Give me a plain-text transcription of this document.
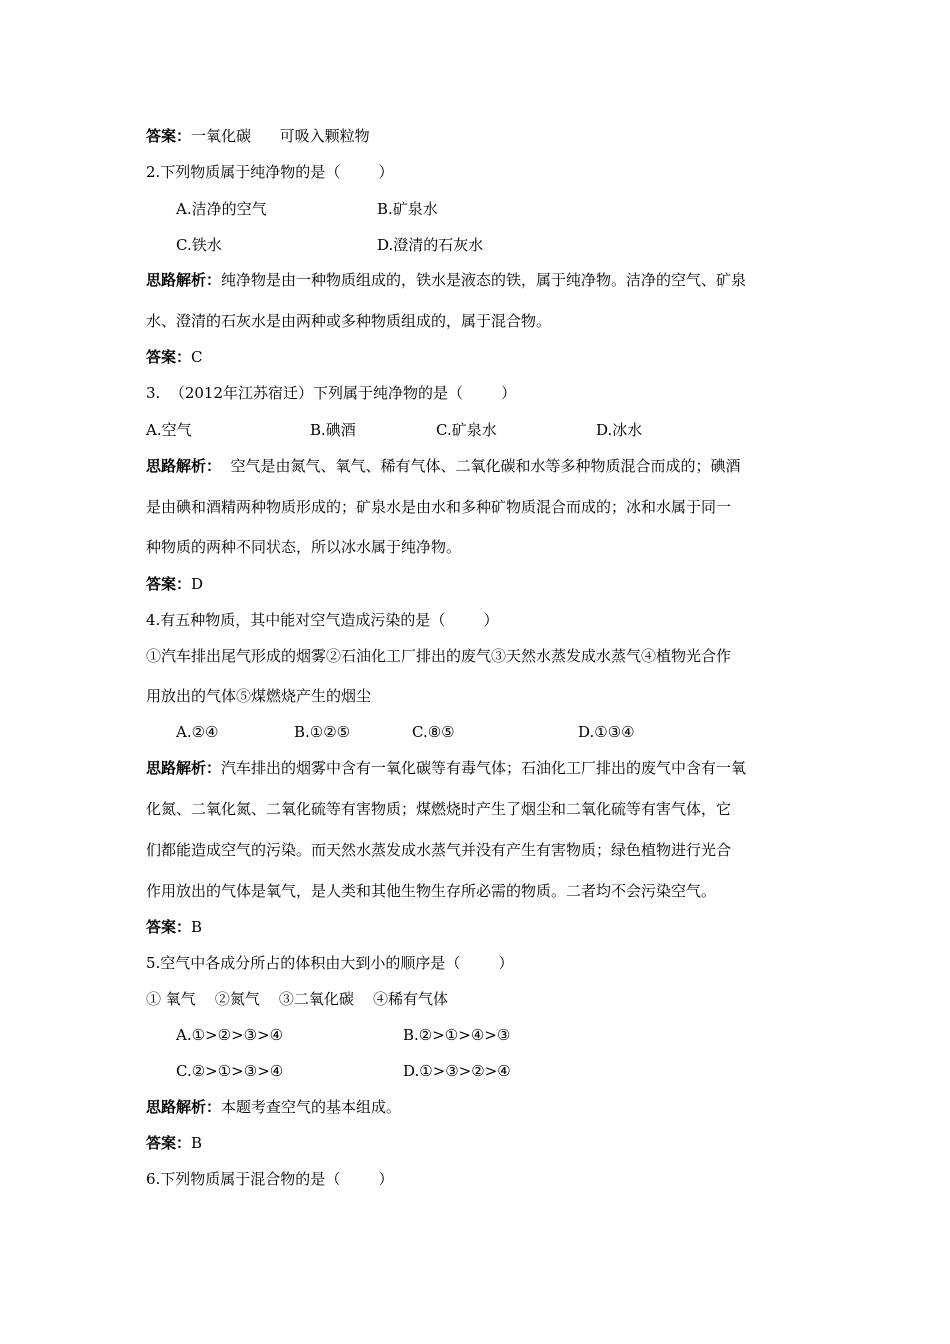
答案：一氧化碳      可吸入颗粒物
2.下列物质属于纯净物的是（        ）
A.洁净的空气	B.矿泉水
C.铁水	D.澄清的石灰水
思路解析：纯净物是由一种物质组成的，铁水是液态的铁，属于纯净物。洁净的空气、矿泉
水、澄清的石灰水是由两种或多种物质组成的，属于混合物。
答案：C
3.  （2012年江苏宿迁）下列属于纯净物的是（        ）
A.空气	B.碘酒	C.矿泉水	D.冰水
思路解析：  空气是由氮气、氧气、稀有气体、二氧化碳和水等多种物质混合而成的；碘酒
是由碘和酒精两种物质形成的；矿泉水是由水和多种矿物质混合而成的；冰和水属于同一
种物质的两种不同状态，所以冰水属于纯净物。
答案：D
4.有五种物质，其中能对空气造成污染的是（        ）
①汽车排出尾气形成的烟雾②石油化工厂排出的废气③天然水蒸发成水蒸气④植物光合作
用放出的气体⑤煤燃烧产生的烟尘
A.②④	B.①②⑤	C.⑧⑤	D.①③④
思路解析：汽车排出的烟雾中含有一氧化碳等有毒气体；石油化工厂排出的废气中含有一氧
化氮、二氧化氮、二氧化硫等有害物质；煤燃烧时产生了烟尘和二氧化硫等有害气体，它
们都能造成空气的污染。而天然水蒸发成水蒸气并没有产生有害物质；绿色植物进行光合
作用放出的气体是氧气，是人类和其他生物生存所必需的物质。二者均不会污染空气。
答案：B
5.空气中各成分所占的体积由大到小的顺序是（        ）
① 氧气    ②氮气    ③二氧化碳    ④稀有气体
A.①>②>③>④	B.②>①>④>③
C.②>①>③>④	D.①>③>②>④
思路解析：本题考查空气的基本组成。
答案：B
6.下列物质属于混合物的是（        ）
